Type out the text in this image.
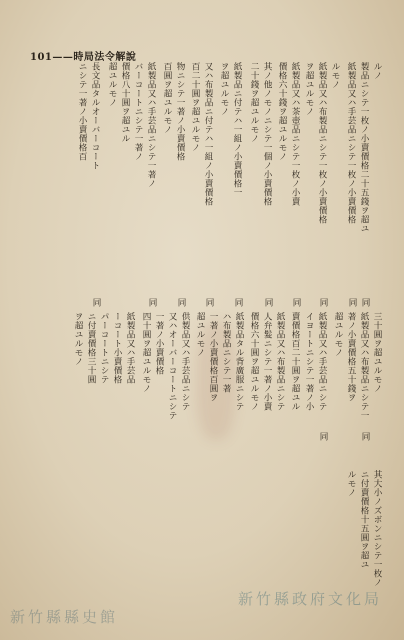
101——時局法令解說
ルノ
製品ニシテ一枚ノ小賣價格二十五錢ヲ超ユ
紙製品又ハ手芸品ニシテ一枚ノ小賣價格
ルモノ
紙製品又ハ布製品ニシテ一枚ノ小賣價格
ヲ超ユルモノ
紙製品又ハ茶壺品ニシテ一枚ノ小賣
價格六十錢ヲ超ユルモノ
其ノ他ノモノニシテ一個ノ小賣價格
二十錢ヲ超ユルモノ
紙製品ニ付テハ一組ノ小賣價格一
ヲ超ユルモノ
又ハ布製品ニ付テハ一組ノ小賣價格
百二十圓ヲ超ユルモノ
物ニシテ一著ノ小賣價格
百圓ヲ超ユルモノ
紙製品又ハ手芸品ニシテ一著ノ
バーコートニシテ一著ノ
價格八十圓ヲ超ユル
超ユルモノ
長文品タルオーバーコート
ニシテ一著ノ小賣價格百
三十圓ヲ超ユルモノ
紙製品又ハ布製品ニシテ一
著ノ小賣價格五十錢ヲ
超ユルモノ
紙製品又ハ手芸品ニシテ
イヨートニシテ一著ノ小
賣價格百二十圓ヲ超ユル
紙製品又ハ布製品ニシテ
人弁髮ニシテ一著ノ小賣
價格六十圓ヲ超ユルモノ
紙製品タル背廣服ニシテ
ハ布製品ニシテ一著
一著ノ小賣價格百圓ヲ
超ユルモノ
供製品又ハ手芸品ニシテ
又ハオーバーコートニシテ
一著ノ小賣價格
四十圓ヲ超ユルモノ
紙製品又ハ手芸品
ーコート小賣價格
パーコートニシテ
ニ付賣價格三十圓
ヲ超ユルモノ
其大小ノズボンニシテ一枚ノ
ニ付賣價格十五圓ヲ超ユ
ルモノ
同
同
同
同
同
同
同
同
同
同
同
同
新竹縣政府文化局
新竹縣縣史館
